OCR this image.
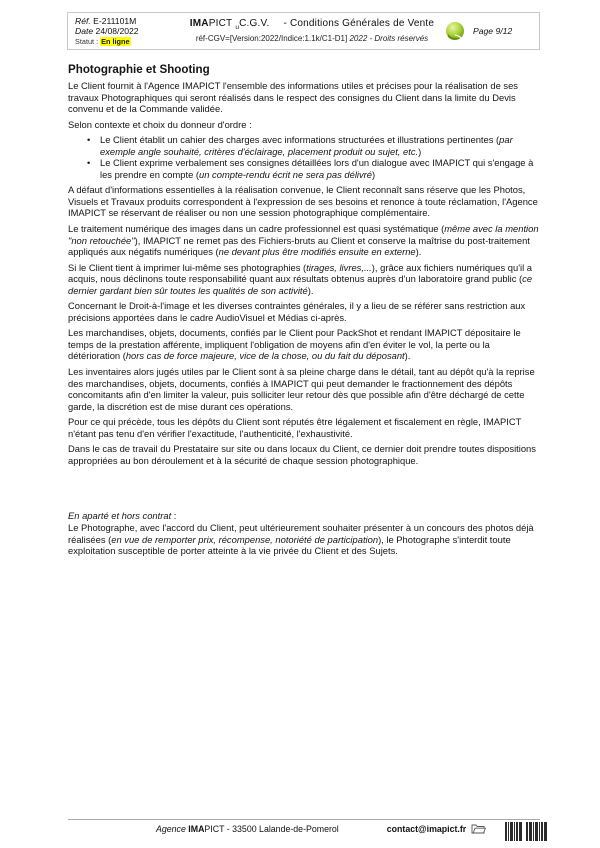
Réf. E-211101M
Date 24/08/2022
Statut : En ligne
IMAPICT $_u$C.G.V. - Conditions Générales de Vente
réf-CGV=[Version:2022/Indice:1.1k/C1-D1] 2022 - Droits réservés
Page 9/12
Photographie et Shooting

Le Client fournit à l'Agence IMAPICT l'ensemble des informations utiles et précises pour la réalisation de ses travaux Photographiques qui seront réalisés dans le respect des consignes du Client dans la limite du Devis convenu et de la Commande validée.

Selon contexte et choix du donneur d'ordre :

• Le Client établit un cahier des charges avec informations structurées et illustrations pertinentes (par exemple angle souhaité, critères d'éclairage, placement produit ou sujet, etc.)
• Le Client exprime verbalement ses consignes détaillées lors d'un dialogue avec IMAPICT qui s'engage à les prendre en compte (un compte-rendu écrit ne sera pas délivré)

A défaut d'informations essentielles à la réalisation convenue, le Client reconnaît sans réserve que les Photos, Visuels et Travaux produits correspondent à l'expression de ses besoins et renonce à toute réclamation, l'Agence IMAPICT se réservant de réaliser ou non une session photographique complémentaire.

Le traitement numérique des images dans un cadre professionnel est quasi systématique (même avec la mention "non retouchée"), IMAPICT ne remet pas des Fichiers-bruts au Client et conserve la maîtrise du post-traitement appliqués aux négatifs numériques (ne devant plus être modifiés ensuite en externe).

Si le Client tient à imprimer lui-même ses photographies (tirages, livres,...), grâce aux fichiers numériques qu'il a acquis, nous déclinons toute responsabilité quant aux résultats obtenus auprès d'un laboratoire grand public (ce dernier gardant bien sûr toutes les qualités de son activité).

Concernant le Droit-à-l'image et les diverses contraintes générales, il y a lieu de se référer sans restriction aux précisions apportées dans le cadre AudioVisuel et Médias ci-après.

Les marchandises, objets, documents, confiés par le Client pour PackShot et rendant IMAPICT dépositaire le temps de la prestation afférente, impliquent l'obligation de moyens afin d'en éviter le vol, la perte ou la détérioration (hors cas de force majeure, vice de la chose, ou du fait du déposant).

Les inventaires alors jugés utiles par le Client sont à sa pleine charge dans le détail, tant au dépôt qu'à la reprise des marchandises, objets, documents, confiés à IMAPICT qui peut demander le fractionnement des dépôts concomitants afin d'en limiter la valeur, puis solliciter leur retour dès que possible afin d'être déchargé de cette garde, la discrétion est de mise durant ces opérations.

Pour ce qui précède, tous les dépôts du Client sont réputés être légalement et fiscalement en règle, IMAPICT n'étant pas tenu d'en vérifier l'exactitude, l'authenticité, l'exhaustivité.

Dans le cas de travail du Prestataire sur site ou dans locaux du Client, ce dernier doit prendre toutes dispositions appropriées au bon déroulement et à la sécurité de chaque session photographique.

En aparté et hors contrat :

Le Photographe, avec l'accord du Client, peut ultérieurement souhaiter présenter à un concours des photos déjà réalisées (en vue de remporter prix, récompense, notoriété de participation), le Photographe s'interdit toute exploitation susceptible de porter atteinte à la vie privée du Client et des Sujets.

Agence IMAPICT - 33500 Lalande-de-Pomerol	contact@imapict.fr
